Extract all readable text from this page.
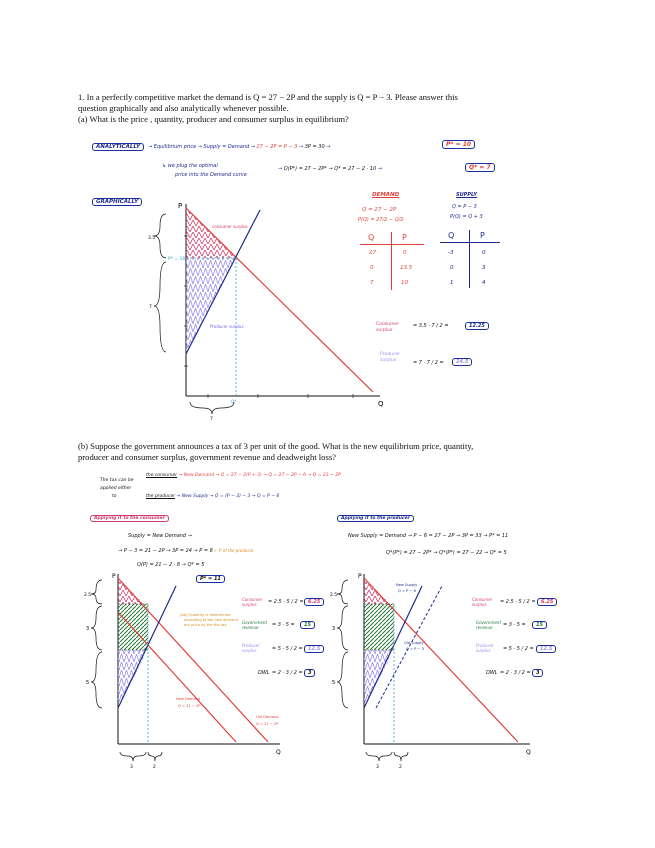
1. In a perfectly competitive market the demand is Q = 27 − 2P and the supply is Q = P − 3. Please answer this
question graphically and also analytically whenever possible.
(a) What is the price , quantity, producer and consumer surplus in equilibrium?
ANALYTICALLY	→ Equilibrium price → Supply = Demand → 27 − 2P = P − 3 → 3P = 30 →	P* = 10
↳ we plug the optimal
price into the Demand curve
→ Q(P*) = 27 − 2P* → Q* = 27 − 2 · 10 →	Q* = 7
GRAPHICALLY	P
Q
P* = 10
consumer surplus
Producer surplus
3.5
7
7
Q*
DEMAND
Q = 27 − 2P
P(Q) = 27/2 − Q/2
Q	P
27	0
0	13.5
7	10
SUPPLY
Q = P − 3
P(Q) = Q + 3
Q	P
-3	0
0	3
1	4
Consumer surplus
= 3.5 · 7 / 2 =	12.25
Producer surplus	= 7 · 7 / 2 =	24.5
(b) Suppose the government announces a tax of 3 per unit of the good. What is the new equilibrium price, quantity,
producer and consumer surplus, government revenue and deadweight loss?
The tax can be
applied either
to
the consumer → New Demand → Q = 27 − 2(P + 3) → Q = 27 − 2P − 6 → Q = 21 − 2P
the producer → New Supply → Q = (P − 3) − 3 → Q = P − 6
Applying it to the consumer
Supply = New Demand →
→ P − 3 = 21 − 2P → 3P = 24 → P = 8 ← P of the producer
Q(P) = 21 − 2 · 8 → Q* = 5
P* = 11
Applying it to the producer
New Supply = Demand → P − 6 = 27 − 2P → 3P = 33 → P* = 11
Q*(P*) = 27 − 2P* → Q*(P*) = 27 − 22 → Q* = 5
P
Q
2.5
3
5
3	2
[Δp] Quantity is determined
according to the new demand
but price by the the tax
New Demand
Q = 21 − 2P
Old Demand
Q = 27 − 2P
Consumer surplus	= 2.5 · 5 / 2 = 6.25
Government revenue	= 3 · 5 =	15
Producer surplus	= 5 · 5 / 2 =	12.5
DWL = 2 · 3 / 2 =	3
P
Q
2.5
3
5
3	2
New Supply
Q = P − 6
Old Supply
Q = P − 3
Consumer surplus	= 2.5 · 5 / 2 =	6.25
Government revenue	= 3 · 5 =	15
Producer surplus	= 5 · 5 / 2 =	12.5
DWL = 2 · 3 / 2 =	3
